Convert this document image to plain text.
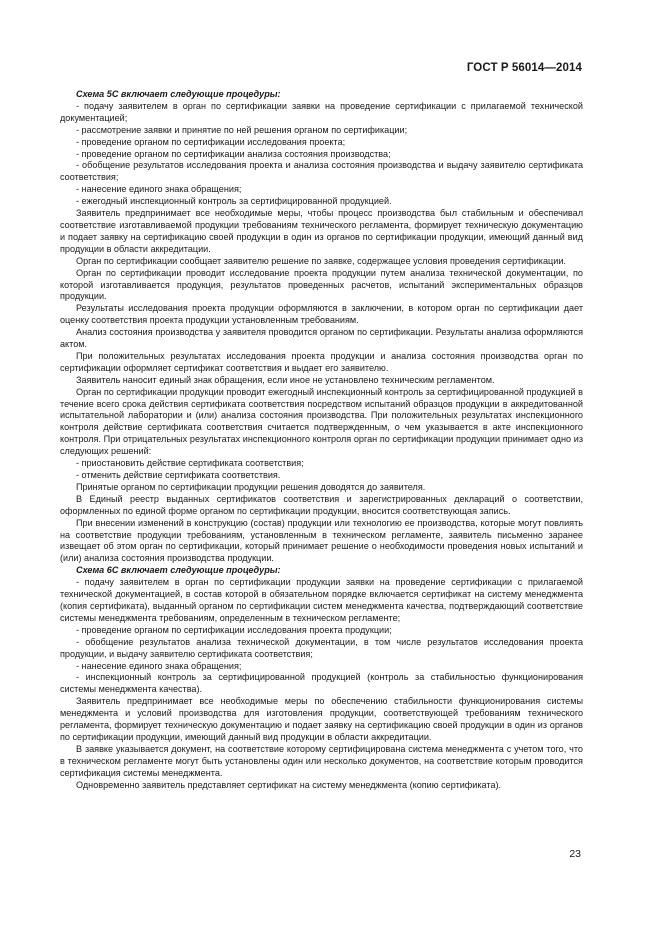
ГОСТ Р 56014—2014

Схема 5С включает следующие процедуры:

- подачу заявителем в орган по сертификации заявки на проведение сертификации с прилагаемой технической документацией;

- рассмотрение заявки и принятие по ней решения органом по сертификации;

- проведение органом по сертификации исследования проекта;

- проведение органом по сертификации анализа состояния производства;

- обобщение результатов исследования проекта и анализа состояния производства и выдачу заявителю сертификата соответствия;

- нанесение единого знака обращения;

- ежегодный инспекционный контроль за сертифицированной продукцией.

Заявитель предпринимает все необходимые меры, чтобы процесс производства был стабильным и обеспечивал соответствие изготавливаемой продукции требованиям технического регламента, формирует техническую документацию и подает заявку на сертификацию своей продукции в один из органов по сертификации продукции, имеющий данный вид продукции в области аккредитации.

Орган по сертификации сообщает заявителю решение по заявке, содержащее условия проведения сертификации.

Орган по сертификации проводит исследование проекта продукции путем анализа технической документации, по которой изготавливается продукция, результатов проведенных расчетов, испытаний экспериментальных образцов продукции.

Результаты исследования проекта продукции оформляются в заключении, в котором орган по сертификации дает оценку соответствия проекта продукции установленным требованиям.

Анализ состояния производства у заявителя проводится органом по сертификации. Результаты анализа оформляются актом.

При положительных результатах исследования проекта продукции и анализа состояния производства орган по сертификации оформляет сертификат соответствия и выдает его заявителю.

Заявитель наносит единый знак обращения, если иное не установлено техническим регламентом.

Орган по сертификации продукции проводит ежегодный инспекционный контроль за сертифицированной продукцией в течение всего срока действия сертификата соответствия посредством испытаний образцов продукции в аккредитованной испытательной лаборатории и (или) анализа состояния производства. При положительных результатах инспекционного контроля действие сертификата соответствия считается подтвержденным, о чем указывается в акте инспекционного контроля. При отрицательных результатах инспекционного контроля орган по сертификации продукции принимает одно из следующих решений:

- приостановить действие сертификата соответствия;

- отменить действие сертификата соответствия.

Принятые органом по сертификации продукции решения доводятся до заявителя.

В Единый реестр выданных сертификатов соответствия и зарегистрированных деклараций о соответствии, оформленных по единой форме органом по сертификации продукции, вносится соответствующая запись.

При внесении изменений в конструкцию (состав) продукции или технологию ее производства, которые могут повлиять на соответствие продукции требованиям, установленным в техническом регламенте, заявитель письменно заранее извещает об этом орган по сертификации, который принимает решение о необходимости проведения новых испытаний и (или) анализа состояния производства продукции.

Схема 6С включает следующие процедуры:

- подачу заявителем в орган по сертификации продукции заявки на проведение сертификации с прилагаемой технической документацией, в состав которой в обязательном порядке включается сертификат на систему менеджмента (копия сертификата), выданный органом по сертификации систем менеджмента качества, подтверждающий соответствие системы менеджмента требованиям, определенным в техническом регламенте;

- проведение органом по сертификации исследования проекта продукции;

- обобщение результатов анализа технической документации, в том числе результатов исследования проекта продукции, и выдачу заявителю сертификата соответствия;

- нанесение единого знака обращения;

- инспекционный контроль за сертифицированной продукцией (контроль за стабильностью функционирования системы менеджмента качества).

Заявитель предпринимает все необходимые меры по обеспечению стабильности функционирования системы менеджмента и условий производства для изготовления продукции, соответствующей требованиям технического регламента, формирует техническую документацию и подает заявку на сертификацию своей продукции в один из органов по сертификации продукции, имеющий данный вид продукции в области аккредитации.

В заявке указывается документ, на соответствие которому сертифицирована система менеджмента с учетом того, что в техническом регламенте могут быть установлены один или несколько документов, на соответствие которым проводится сертификация системы менеджмента.

Одновременно заявитель представляет сертификат на систему менеджмента (копию сертификата).

23
